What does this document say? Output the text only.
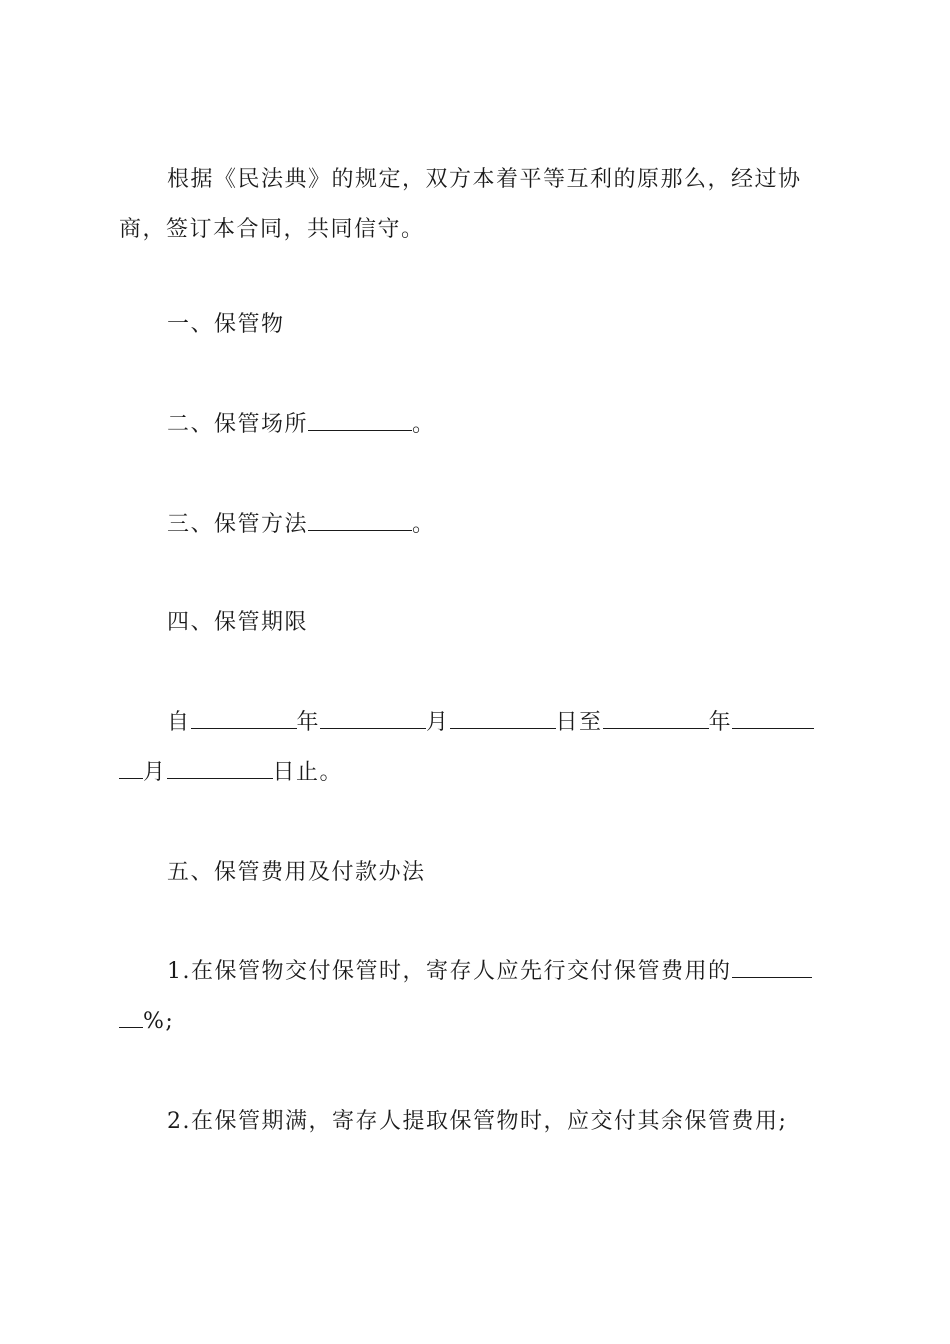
根据《民法典》的规定，双方本着平等互利的原那么，经过协商，签订本合同，共同信守。
一、保管物
二、保管场所	。
三、保管方法	。
四、保管期限
自	年	月	日至	年
月	日止。
五、保管费用及付款办法
1.在保管物交付保管时，寄存人应先行交付保管费用的
%;
2.在保管期满，寄存人提取保管物时，应交付其余保管费用;
